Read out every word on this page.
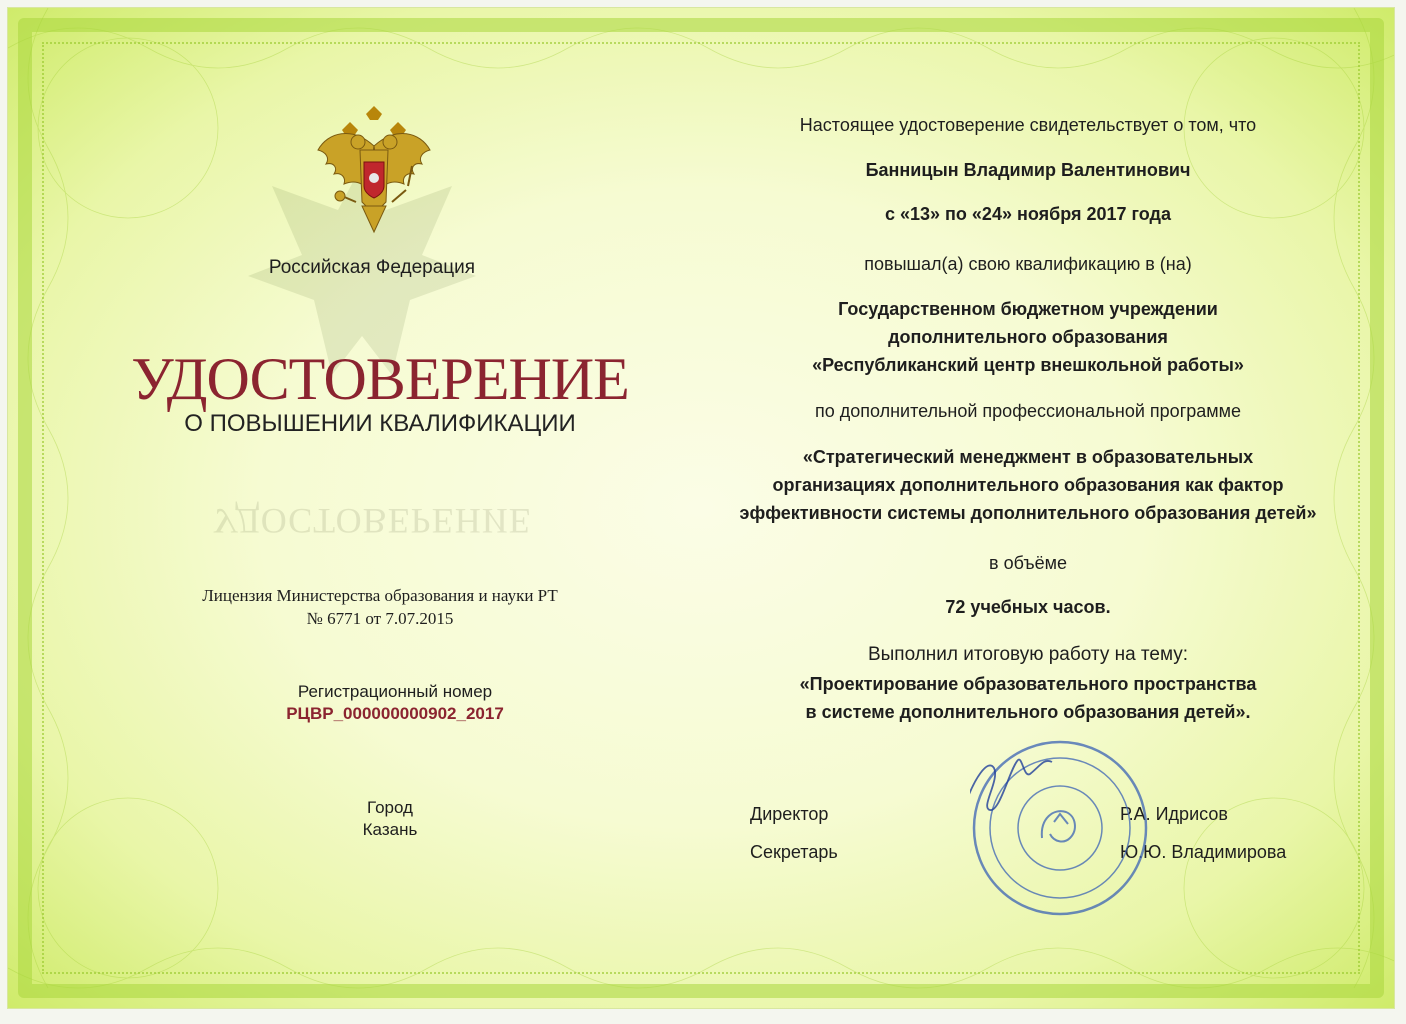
Российская Федерация
УДОСТОВЕРЕНИЕ
О ПОВЫШЕНИИ КВАЛИФИКАЦИИ
УДОСТОВЕРЕНИЕ
Лицензия Министерства образования и науки РТ
№ 6771 от 7.07.2015
Регистрационный номер
РЦВР_000000000902_2017
Город
Казань
Настоящее удостоверение свидетельствует о том, что
Банницын Владимир Валентинович
с «13» по «24» ноября 2017 года
повышал(а) свою квалификацию в (на)
Государственном бюджетном учреждении
дополнительного образования
«Республиканский центр внешкольной работы»
по дополнительной профессиональной программе
«Стратегический менеджмент в образовательных
организациях дополнительного образования как фактор
эффективности системы дополнительного образования детей»
в объёме
72 учебных часов.
Выполнил итоговую работу на тему:
«Проектирование образовательного пространства
в системе дополнительного образования детей».
Директор	Р.А. Идрисов
Секретарь	Ю.Ю. Владимирова
